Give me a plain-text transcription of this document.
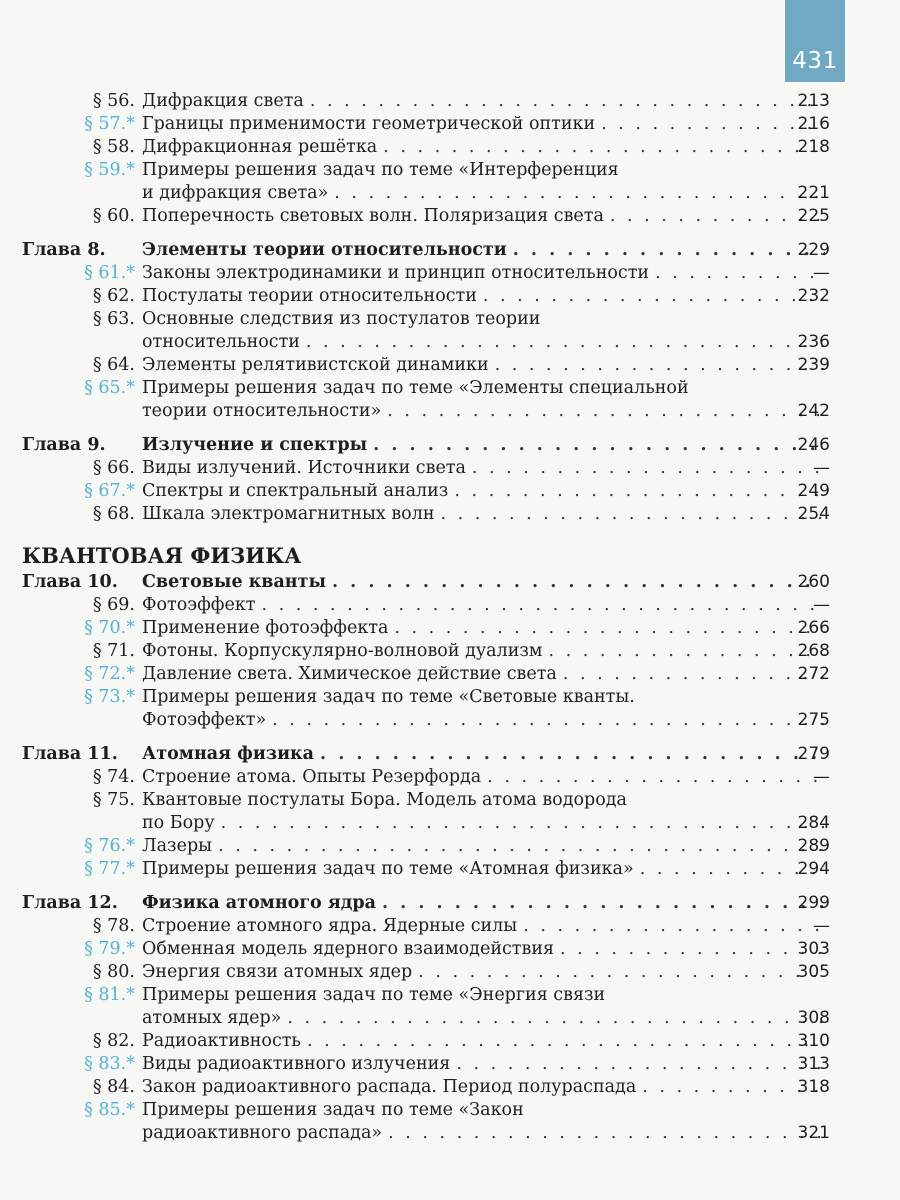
431
§ 56. Дифракция света . . .	213
§ 57.* Границы применимости геометрической оптики . . .	216
§ 58. Дифракционная решётка . . .	218
§ 59.* Примеры решения задач по теме «Интерференция
и дифракция света» . . .	221
§ 60. Поперечность световых волн. Поляризация света . . .	225
Глава 8. Элементы теории относительности . . .	229
§ 61.* Законы электродинамики и принцип относительности . . .	—
§ 62. Постулаты теории относительности . . .	232
§ 63. Основные следствия из постулатов теории
относительности . . .	236
§ 64. Элементы релятивистской динамики . . .	239
§ 65.* Примеры решения задач по теме «Элементы специальной
теории относительности» . . .	242
Глава 9. Излучение и спектры . . .	246
§ 66. Виды излучений. Источники света . . .	—
§ 67.* Спектры и спектральный анализ . . .	249
§ 68. Шкала электромагнитных волн . . .	254
КВАНТОВАЯ ФИЗИКА
Глава 10. Световые кванты . . .	260
§ 69. Фотоэффект . . .	—
§ 70.* Применение фотоэффекта . . .	266
§ 71. Фотоны. Корпускулярно-волновой дуализм . . .	268
§ 72.* Давление света. Химическое действие света . . .	272
§ 73.* Примеры решения задач по теме «Световые кванты.
Фотоэффект» . . .	275
Глава 11. Атомная физика . . .	279
§ 74. Строение атома. Опыты Резерфорда . . .	—
§ 75. Квантовые постулаты Бора. Модель атома водорода
по Бору . . .	284
§ 76.* Лазеры . . .	289
§ 77.* Примеры решения задач по теме «Атомная физика» . . .	294
Глава 12. Физика атомного ядра . . .	299
§ 78. Строение атомного ядра. Ядерные силы . . .	—
§ 79.* Обменная модель ядерного взаимодействия . . .	303
§ 80. Энергия связи атомных ядер . . .	305
§ 81.* Примеры решения задач по теме «Энергия связи
атомных ядер» . . .	308
§ 82. Радиоактивность . . .	310
§ 83.* Виды радиоактивного излучения . . .	313
§ 84. Закон радиоактивного распада. Период полураспада . . .	318
§ 85.* Примеры решения задач по теме «Закон
радиоактивного распада» . . .	321
